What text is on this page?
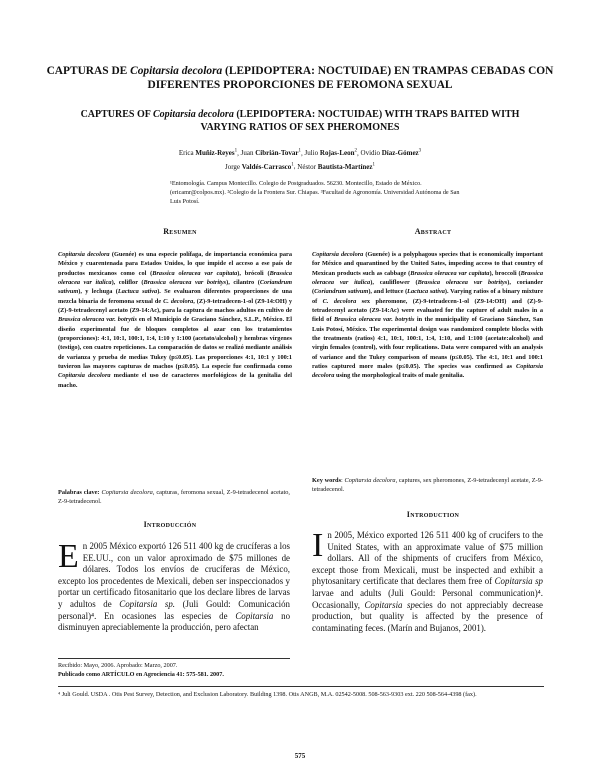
CAPTURAS DE Copitarsia decolora (LEPIDOPTERA: NOCTUIDAE) EN TRAMPAS CEBADAS CON DIFERENTES PROPORCIONES DE FEROMONA SEXUAL
CAPTURES OF Copitarsia decolora (LEPIDOPTERA: NOCTUIDAE) WITH TRAPS BAITED WITH VARYING RATIOS OF SEX PHEROMONES
Erica Muñiz-Reyes$^1$, Juan Cibrián-Tovar$^1$, Julio Rojas-Leon$^2$, Ovidio Díaz-Gómez$^3$
Jorge Valdés-Carrasco$^1$, Néstor Bautista-Martínez$^1$
¹Entomología. Campus Montecillo. Colegio de Postgraduados. 56230. Montecillo, Estado de México. (ericamr@colpos.mx). ²Colegio de la Frontera Sur. Chiapas. ³Facultad de Agronomía. Universidad Autónoma de San Luis Potosí.
Resumen	Abstract
Copitarsia decolora (Guenée) es una especie polífaga, de importancia económica para México y cuarentenada para Estados Unidos, lo que impide el acceso a ese país de productos mexicanos como col (Brassica oleracea var capitata), brócoli (Brassica oleracea var italica), coliflor (Brassica oleracea var botritys), cilantro (Coriandrum sativum), y lechuga (Lactuca sativa). Se evaluaron diferentes proporciones de una mezcla binaria de feromona sexual de C. decolora, (Z)-9-tetradecen-1-ol (Z9-14:OH) y (Z)-9-tetradecenyl acetato (Z9-14:Ac), para la captura de machos adultos en cultivo de Brassica oleracea var. botrytis en el Municipio de Graciano Sánchez, S.L.P., México. El diseño experimental fue de bloques completos al azar con los tratamientos (proporciones): 4:1, 10:1, 100:1, 1:4, 1:10 y 1:100 (acetato/alcohol) y hembras vírgenes (testigo), con cuatro repeticiones. La comparación de datos se realizó mediante análisis de varianza y prueba de medias Tukey (p≤0.05). Las proporciones 4:1, 10:1 y 100:1 tuvieron las mayores capturas de machos (p≤0.05). La especie fue confirmada como Copitarsia decolora mediante el uso de caracteres morfológicos de la genitalia del macho.
Copitarsia decolora (Guenée) is a polyphagous species that is economically important for México and quarantined by the United Sates, impeding access to that country of Mexican products such as cabbage (Brassica oleracea var capitata), broccoli (Brassica oleracea var italica), cauliflower (Brassica oleracea var botritys), coriander (Coriandrum sativum), and lettuce (Lactuca sativa). Varying ratios of a binary mixture of C. decolora sex pheromone, (Z)-9-tetradecen-1-ol (Z9-14:OH) and (Z)-9-tetradecenyl acetato (Z9-14:Ac) were evaluated for the capture of adult males in a field of Brassica oleracea var. botrytis in the municipality of Graciano Sánchez, San Luis Potosí, México. The experimental design was randomized complete blocks with the treatments (ratios) 4:1, 10:1, 100:1, 1:4, 1:10, and 1:100 (acetate:alcohol) and virgin females (control), with four replications. Data were compared with an analysis of variance and the Tukey comparison of means (p≤0.05). The 4:1, 10:1 and 100:1 ratios captured more males (p≤0.05). The species was confirmed as Copitarsia decolora using the morphological traits of male genitalia.
Palabras clave: Copitarsia decolora, capturas, feromona sexual, Z-9-tetradecenol acetato, Z-9-tetradecenol.
Key words: Copitarsia decolora, captures, sex pheromones, Z-9-tetradecenyl acetate, Z-9-tetradecenol.
Introducción
Introduction
En 2005 México exportó 126 511 400 kg de crucíferas a los EE.UU., con un valor aproximado de $75 millones de dólares. Todos los envíos de crucíferas de México, excepto los procedentes de Mexicali, deben ser inspeccionados y portar un certificado fitosanitario que los declare libres de larvas y adultos de Copitarsia sp. (Juli Gould: Comunicación personal)⁴. En ocasiones las especies de Copitarsia no disminuyen apreciablemente la producción, pero afectan
In 2005, México exported 126 511 400 kg of crucifers to the United States, with an approximate value of $75 million dollars. All of the shipments of crucifers from México, except those from Mexicali, must be inspected and exhibit a phytosanitary certificate that declares them free of Copitarsia sp larvae and adults (Juli Gould: Personal communication)⁴. Occasionally, Copitarsia species do not appreciably decrease production, but quality is affected by the presence of contaminating feces. (Marín and Bujanos, 2001).
Recibido: Mayo, 2006. Aprobado: Marzo, 2007.
Publicado como ARTÍCULO en Agrociencia 41: 575-581. 2007.
⁴ Juli Gould. USDA . Otis Pest Survey, Detection, and Exclusion Laboratory. Building 1398. Otis ANGB, M.A. 02542-5008. 508-563-9303 ext. 220 508-564-4398 (fax).
575
